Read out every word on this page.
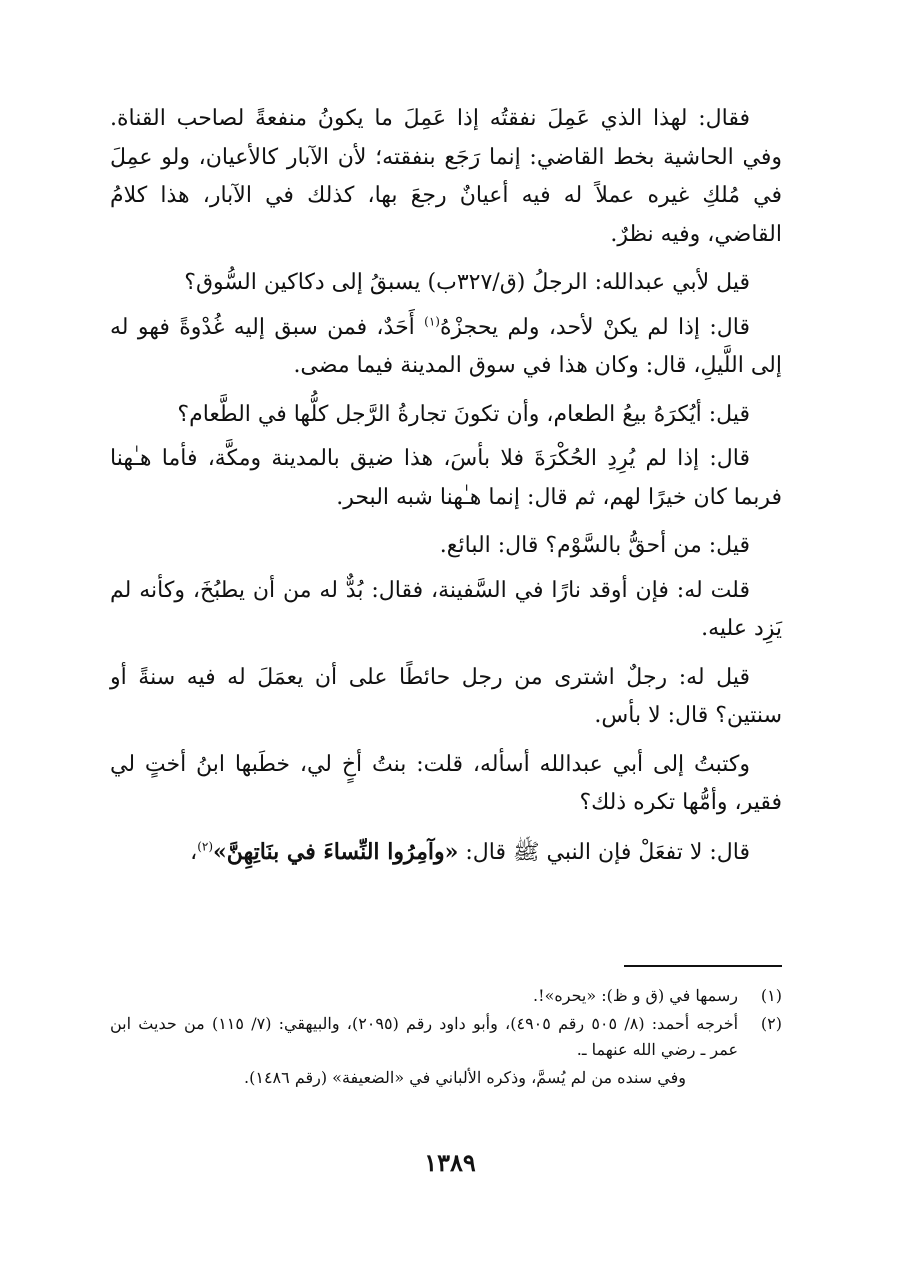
فقال: لهذا الذي عَمِلَ نفقتُه إذا عَمِلَ ما يكونُ منفعةً لصاحب القناة. وفي الحاشية بخط القاضي: إنما رَجَع بنفقته؛ لأن الآبار كالأعيان، ولو عمِلَ في مُلكِ غيره عملاً له فيه أعيانٌ رجعَ بها، كذلك في الآبار، هذا كلامُ القاضي، وفيه نظرٌ.

قيل لأبي عبدالله: الرجلُ (ق/٣٢٧ب) يسبقُ إلى دكاكين السُّوق؟

قال: إذا لم يكنْ لأحد، ولم يحجزْهُ$^{(١)}$ أَحَدٌ، فمن سبق إليه غُدْوةً فهو له إلى اللَّيلِ، قال: وكان هذا في سوق المدينة فيما مضى.

قيل: أيُكرَهُ بيعُ الطعام، وأن تكونَ تجارةُ الرَّجل كلُّها في الطَّعام؟

قال: إذا لم يُرِدِ الحُكْرَةَ فلا بأسَ، هذا ضيق بالمدينة ومكَّة، فأما هـٰهنا فربما كان خيرًا لهم، ثم قال: إنما هـٰهنا شبه البحر.

قيل: من أحقُّ بالسَّوْم؟ قال: البائع.

قلت له: فإن أوقد نارًا في السَّفينة، فقال: بُدٌّ له من أن يطبُخَ، وكأنه لم يَزِد عليه.

قيل له: رجلٌ اشترى من رجل حائطًا على أن يعمَلَ له فيه سنةً أو سنتين؟ قال: لا بأس.

وكتبتُ إلى أبي عبدالله أسأله، قلت: بنتُ أخٍ لي، خطَبها ابنُ أختٍ لي فقير، وأمُّها تكره ذلك؟

قال: لا تفعَلْ فإن النبي ﷺ قال: «وآمِرُوا النِّساءَ في بنَاتِهِنَّ»$^{(٢)}$،

(١)
رسمها في (ق و ظ): «يحره»!.
(٢)
أخرجه أحمد: (٨/ ٥٠٥ رقم ٤٩٠٥)، وأبو داود رقم (٢٠٩٥)، والبيهقي: (٧/ ١١٥) من حديث ابن عمر ـ رضي الله عنهما ـ.
وفي سنده من لم يُسمَّ، وذكره الألباني في «الضعيفة» (رقم ١٤٨٦).
١٣٨٩
